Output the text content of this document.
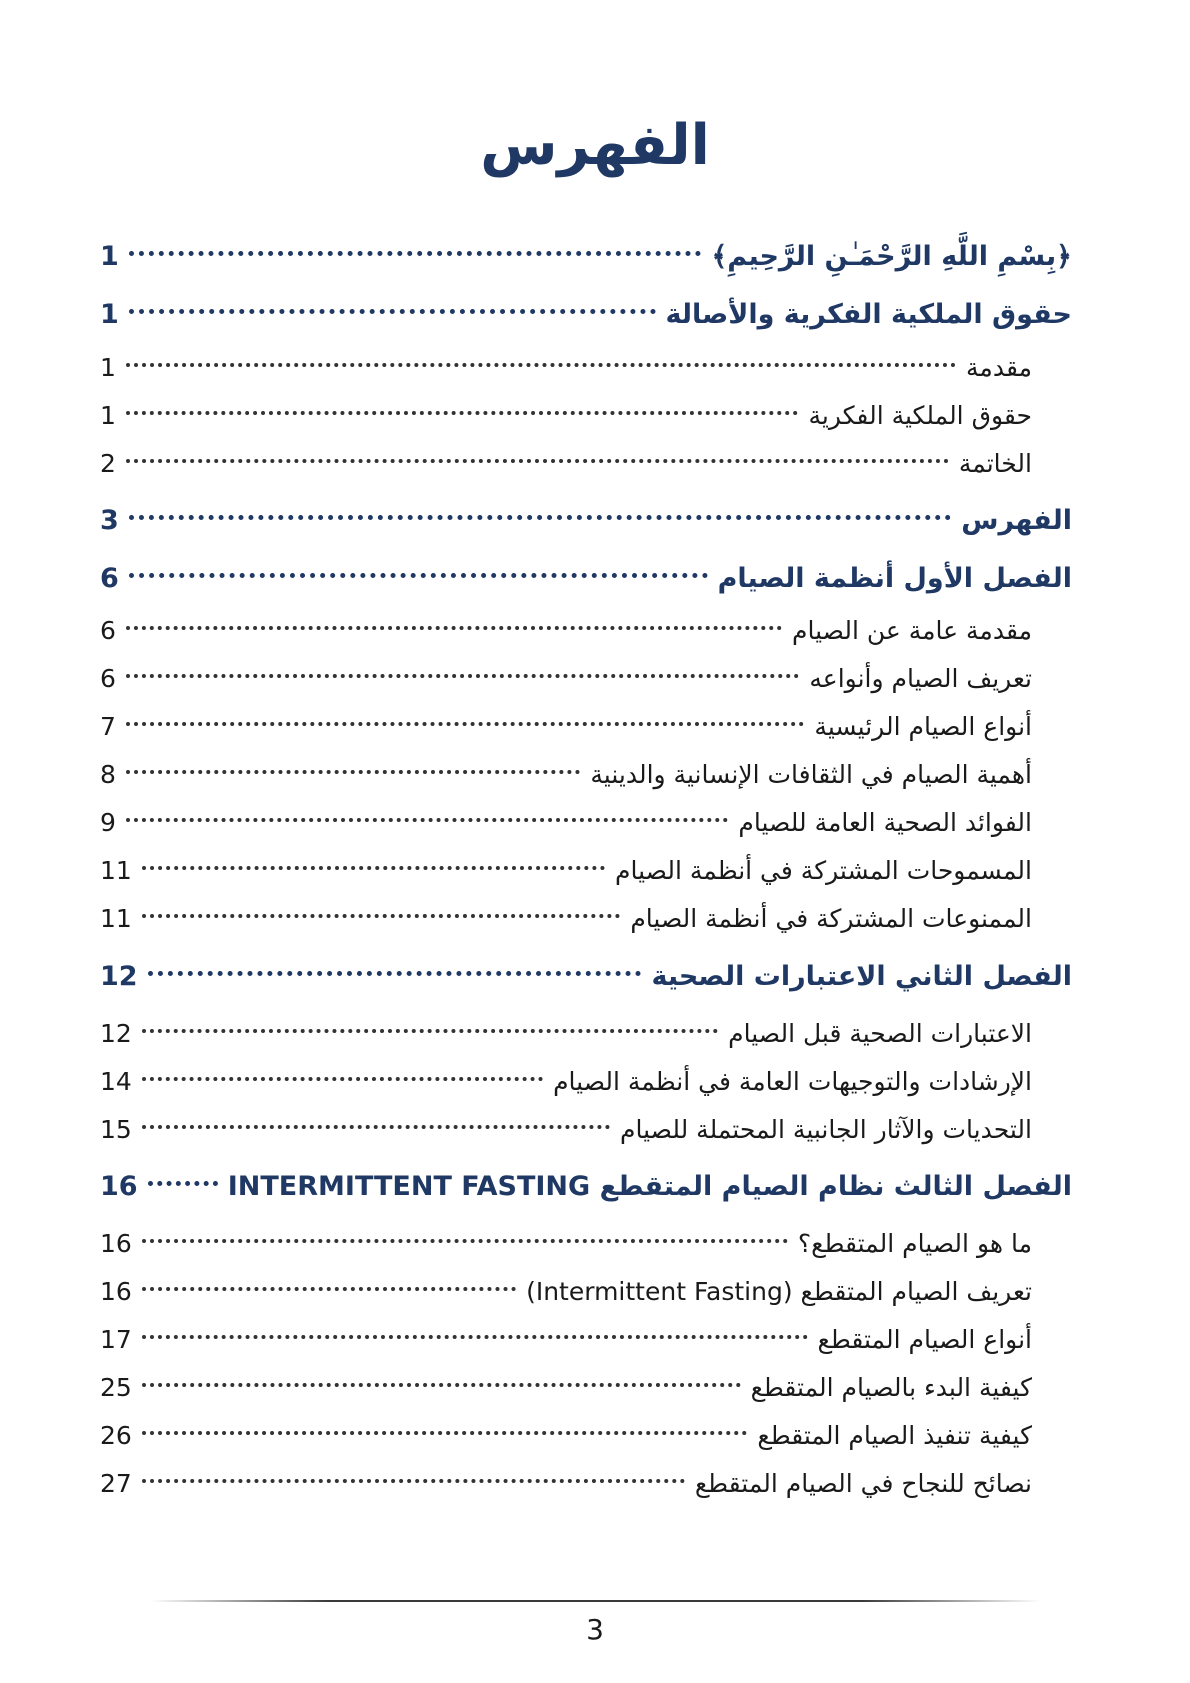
الفهرس
﴿بِسْمِ اللَّهِ الرَّحْمَـٰنِ الرَّحِيمِ﴾
1
حقوق الملكية الفكرية والأصالة
1
مقدمة
1
حقوق الملكية الفكرية
1
الخاتمة
2
الفهرس
3
الفصل الأول أنظمة الصيام
6
مقدمة عامة عن الصيام
6
تعريف الصيام وأنواعه
6
أنواع الصيام الرئيسية
7
أهمية الصيام في الثقافات الإنسانية والدينية
8
الفوائد الصحية العامة للصيام
9
المسموحات المشتركة في أنظمة الصيام
11
الممنوعات المشتركة في أنظمة الصيام
11
الفصل الثاني الاعتبارات الصحية
12
الاعتبارات الصحية قبل الصيام
12
الإرشادات والتوجيهات العامة في أنظمة الصيام
14
التحديات والآثار الجانبية المحتملة للصيام
15
الفصل الثالث نظام الصيام المتقطع INTERMITTENT FASTING
16
ما هو الصيام المتقطع؟
16
تعريف الصيام المتقطع (Intermittent Fasting)
16
أنواع الصيام المتقطع
17
كيفية البدء بالصيام المتقطع
25
كيفية تنفيذ الصيام المتقطع
26
نصائح للنجاح في الصيام المتقطع
27
3
